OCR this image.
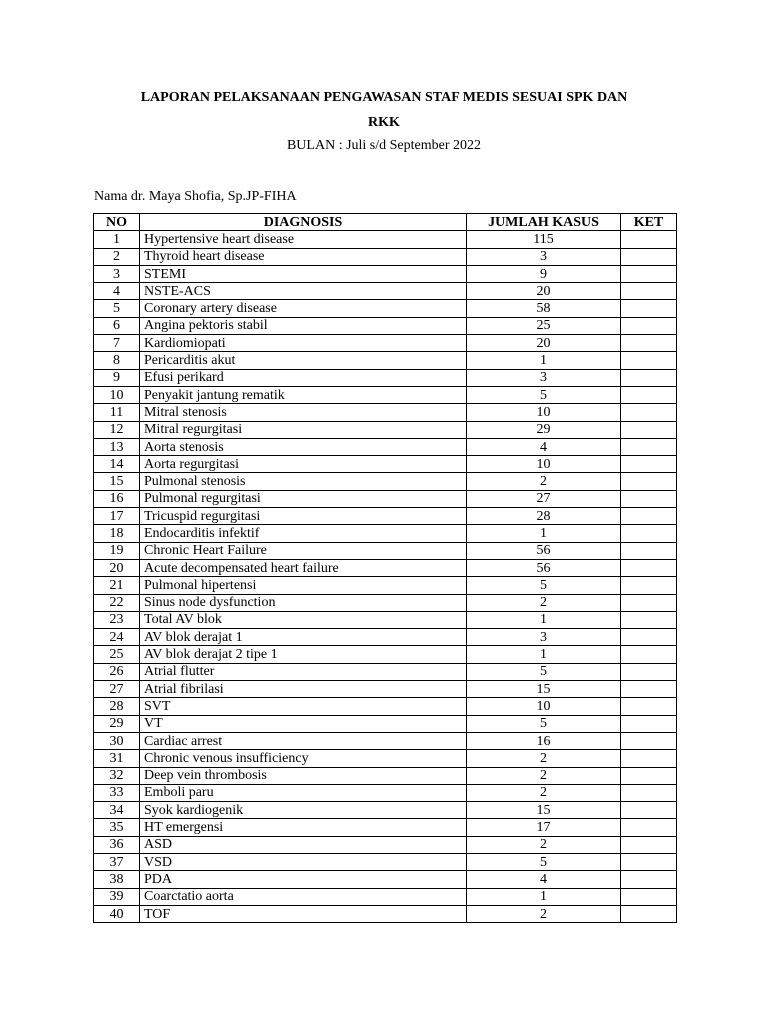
LAPORAN PELAKSANAAN PENGAWASAN STAF MEDIS SESUAI SPK DAN
RKK
BULAN : Juli s/d September 2022
Nama dr. Maya Shofia, Sp.JP-FIHA
NO	DIAGNOSIS	JUMLAH KASUS	KET
1	Hypertensive heart disease	115	
2	Thyroid heart disease	3	
3	STEMI	9	
4	NSTE-ACS	20	
5	Coronary artery disease	58	
6	Angina pektoris stabil	25	
7	Kardiomiopati	20	
8	Pericarditis akut	1	
9	Efusi perikard	3	
10	Penyakit jantung rematik	5	
11	Mitral stenosis	10	
12	Mitral regurgitasi	29	
13	Aorta stenosis	4	
14	Aorta regurgitasi	10	
15	Pulmonal stenosis	2	
16	Pulmonal regurgitasi	27	
17	Tricuspid regurgitasi	28	
18	Endocarditis infektif	1	
19	Chronic Heart Failure	56	
20	Acute decompensated heart failure	56	
21	Pulmonal hipertensi	5	
22	Sinus node dysfunction	2	
23	Total AV blok	1	
24	AV blok derajat 1	3	
25	AV blok derajat 2 tipe 1	1	
26	Atrial flutter	5	
27	Atrial fibrilasi	15	
28	SVT	10	
29	VT	5	
30	Cardiac arrest	16	
31	Chronic venous insufficiency	2	
32	Deep vein thrombosis	2	
33	Emboli paru	2	
34	Syok kardiogenik	15	
35	HT emergensi	17	
36	ASD	2	
37	VSD	5	
38	PDA	4	
39	Coarctatio aorta	1	
40	TOF	2	
